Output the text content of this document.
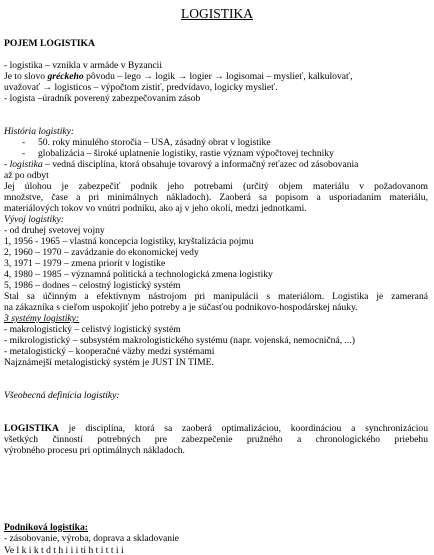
LOGISTIKA
POJEM LOGISTIKA
- logistika – vznikla v armáde v Byzancii
Je to slovo gréckeho pôvodu – lego → logik → logier → logisomai – myslieť, kalkulovať,
uvažovať → logisticos – výpočtom zistiť, predvídavo, logicky myslieť.
- logista –úradník poverený zabezpečovaním zásob
História logistiky:
- 50. roky minulého storočia – USA, zásadný obrat v logistike
- globalizácia – široké uplatnenie logistiky, rastie význam výpočtovej techniky
- logistika – vedná disciplína, ktorá obsahuje tovarový a informačný reťazec od zásobovania
až po odbyt
Jej úlohou je zabezpečiť podnik jeho potrebami (určitý objem materiálu v požadovanom
množstve, čase a pri minimálnych nákladoch). Zaoberá sa popisom a usporiadaním materiálu,
materiálových tokov vo vnútri podniku, ako aj v jeho okolí, medzi jednotkami.
Vývoj logistiky:
- od druhej svetovej vojny
1, 1956 - 1965 – vlastná koncepcia logistiky, kryštalizácia pojmu
2, 1960 – 1970 – zavádzanie do ekonomickej vedy
3, 1971 – 1979 – zmena priorít v logistike
4, 1980 – 1985 – významná politická a technologická zmena logistiky
5, 1986 – dodnes – celostný logistický systém
Stal sa účinným a efektívnym nástrojom pri manipulácii s materiálom. Logistika je zameraná
na zákazníka s cieľom uspokojiť jeho potreby a je súčasťou podnikovo-hospodárskej náuky.
3 systémy logistiky:
- makrologistický – celistvý logistický systém
- mikrologistický – subsystém makrologistického systému (napr. vojenská, nemocničná, ...)
- metalogistický – kooperačné väzby medzi systémami
Najznámejší metalogistický systém je JUST IN TIME.
Všeobecná definícia logistiky:
LOGISTIKA je disciplína, ktorá sa zaoberá optimalizáciou, koordináciou a synchronizáciou
všetkých činností potrebných pre zabezpečenie pružného a chronologického priebehu
výrobného procesu pri optimálnych nákladoch.
Podniková logistika:
- zásobovanie, výroba, doprava a skladovanie
Ve l k i k t d t h i i i ti h t i t t i i
